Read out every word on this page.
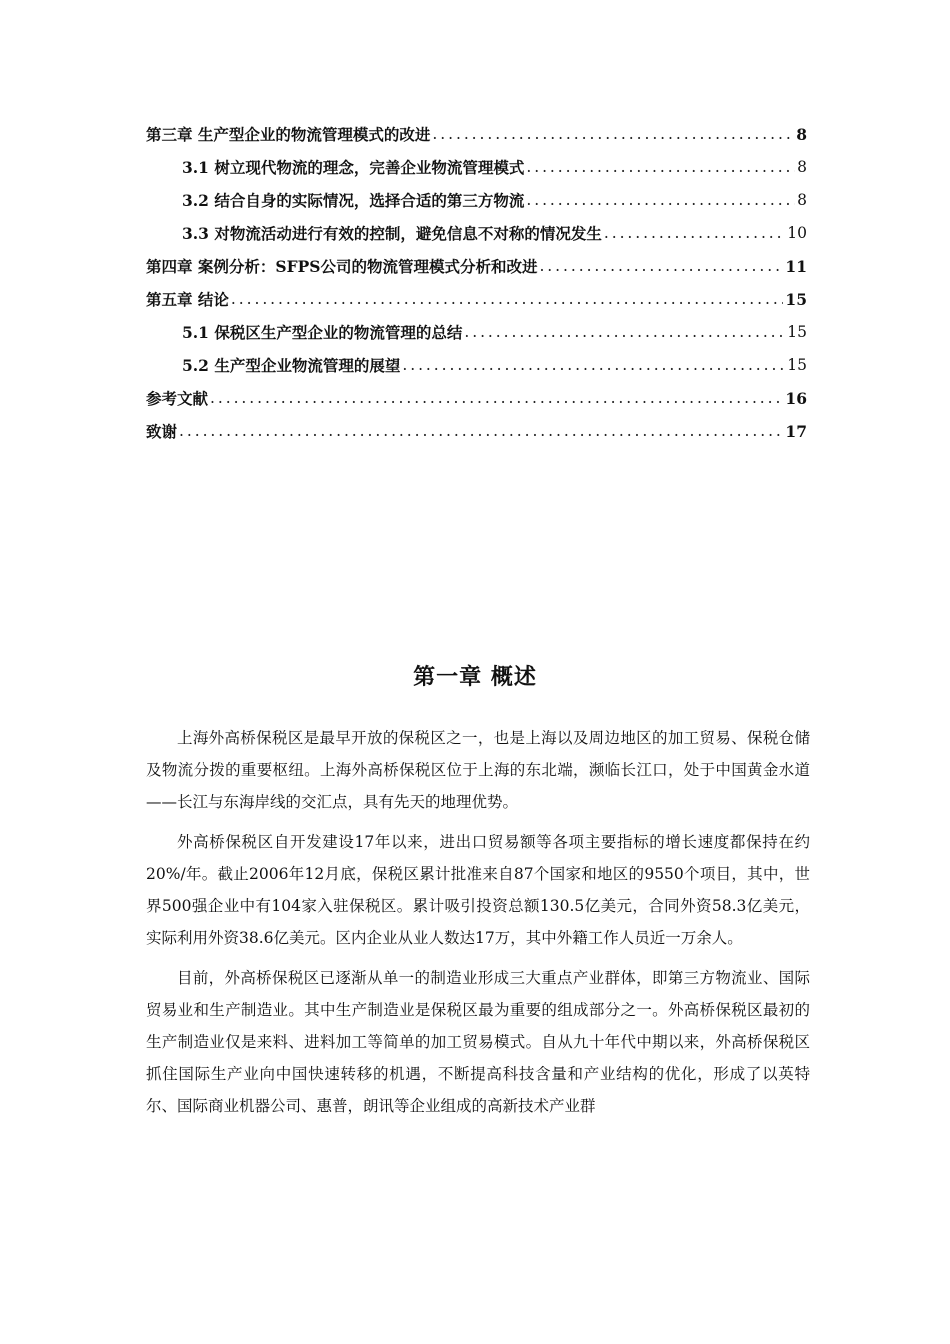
第三章 生产型企业的物流管理模式的改进 . . .	8
3.1 树立现代物流的理念，完善企业物流管理模式 . . .	8
3.2 结合自身的实际情况，选择合适的第三方物流 . . .	8
3.3 对物流活动进行有效的控制，避免信息不对称的情况发生 . . .	10
第四章 案例分析：SFPS公司的物流管理模式分析和改进 . . .	11
第五章 结论 . . .	15
5.1 保税区生产型企业的物流管理的总结 . . .	15
5.2 生产型企业物流管理的展望 . . .	15
参考文献 . . .	16
致谢 . . .	17
第一章 概述

上海外高桥保税区是最早开放的保税区之一，也是上海以及周边地区的加工贸易、保税仓储及物流分拨的重要枢纽。上海外高桥保税区位于上海的东北端，濒临长江口，处于中国黄金水道——长江与东海岸线的交汇点，具有先天的地理优势。

外高桥保税区自开发建设17年以来，进出口贸易额等各项主要指标的增长速度都保持在约20%/年。截止2006年12月底，保税区累计批准来自87个国家和地区的9550个项目，其中，世界500强企业中有104家入驻保税区。累计吸引投资总额130.5亿美元，合同外资58.3亿美元，实际利用外资38.6亿美元。区内企业从业人数达17万，其中外籍工作人员近一万余人。

目前，外高桥保税区已逐渐从单一的制造业形成三大重点产业群体，即第三方物流业、国际贸易业和生产制造业。其中生产制造业是保税区最为重要的组成部分之一。外高桥保税区最初的生产制造业仅是来料、进料加工等简单的加工贸易模式。自从九十年代中期以来，外高桥保税区抓住国际生产业向中国快速转移的机遇，不断提高科技含量和产业结构的优化，形成了以英特尔、国际商业机器公司、惠普，朗讯等企业组成的高新技术产业群
